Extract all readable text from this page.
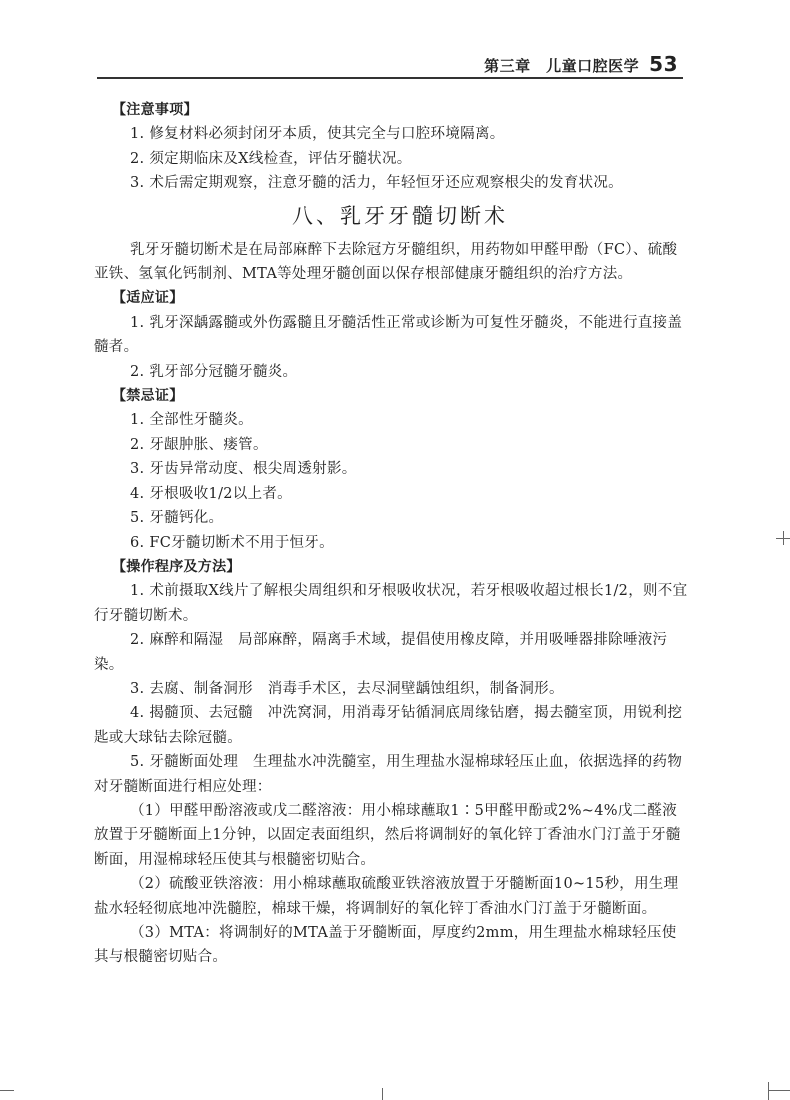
第三章　儿童口腔医学 53

【注意事项】

1. 修复材料必须封闭牙本质，使其完全与口腔环境隔离。

2. 须定期临床及X线检查，评估牙髓状况。

3. 术后需定期观察，注意牙髓的活力，年轻恒牙还应观察根尖的发育状况。

八、乳牙牙髓切断术

乳牙牙髓切断术是在局部麻醉下去除冠方牙髓组织，用药物如甲醛甲酚（FC）、硫酸亚铁、氢氧化钙制剂、MTA等处理牙髓创面以保存根部健康牙髓组织的治疗方法。

【适应证】

1. 乳牙深龋露髓或外伤露髓且牙髓活性正常或诊断为可复性牙髓炎，不能进行直接盖髓者。

2. 乳牙部分冠髓牙髓炎。

【禁忌证】

1. 全部性牙髓炎。

2. 牙龈肿胀、瘘管。

3. 牙齿异常动度、根尖周透射影。

4. 牙根吸收1/2以上者。

5. 牙髓钙化。

6. FC牙髓切断术不用于恒牙。

【操作程序及方法】

1. 术前摄取X线片了解根尖周组织和牙根吸收状况，若牙根吸收超过根长1/2，则不宜行牙髓切断术。

2. 麻醉和隔湿　局部麻醉，隔离手术域，提倡使用橡皮障，并用吸唾器排除唾液污染。

3. 去腐、制备洞形　消毒手术区，去尽洞壁龋蚀组织，制备洞形。

4. 揭髓顶、去冠髓　冲洗窝洞，用消毒牙钻循洞底周缘钻磨，揭去髓室顶，用锐利挖匙或大球钻去除冠髓。

5. 牙髓断面处理　生理盐水冲洗髓室，用生理盐水湿棉球轻压止血，依据选择的药物对牙髓断面进行相应处理：

（1）甲醛甲酚溶液或戊二醛溶液：用小棉球蘸取1∶5甲醛甲酚或2%~4%戊二醛液放置于牙髓断面上1分钟，以固定表面组织，然后将调制好的氧化锌丁香油水门汀盖于牙髓断面，用湿棉球轻压使其与根髓密切贴合。

（2）硫酸亚铁溶液：用小棉球蘸取硫酸亚铁溶液放置于牙髓断面10~15秒，用生理盐水轻轻彻底地冲洗髓腔，棉球干燥，将调制好的氧化锌丁香油水门汀盖于牙髓断面。

（3）MTA：将调制好的MTA盖于牙髓断面，厚度约2mm，用生理盐水棉球轻压使其与根髓密切贴合。
